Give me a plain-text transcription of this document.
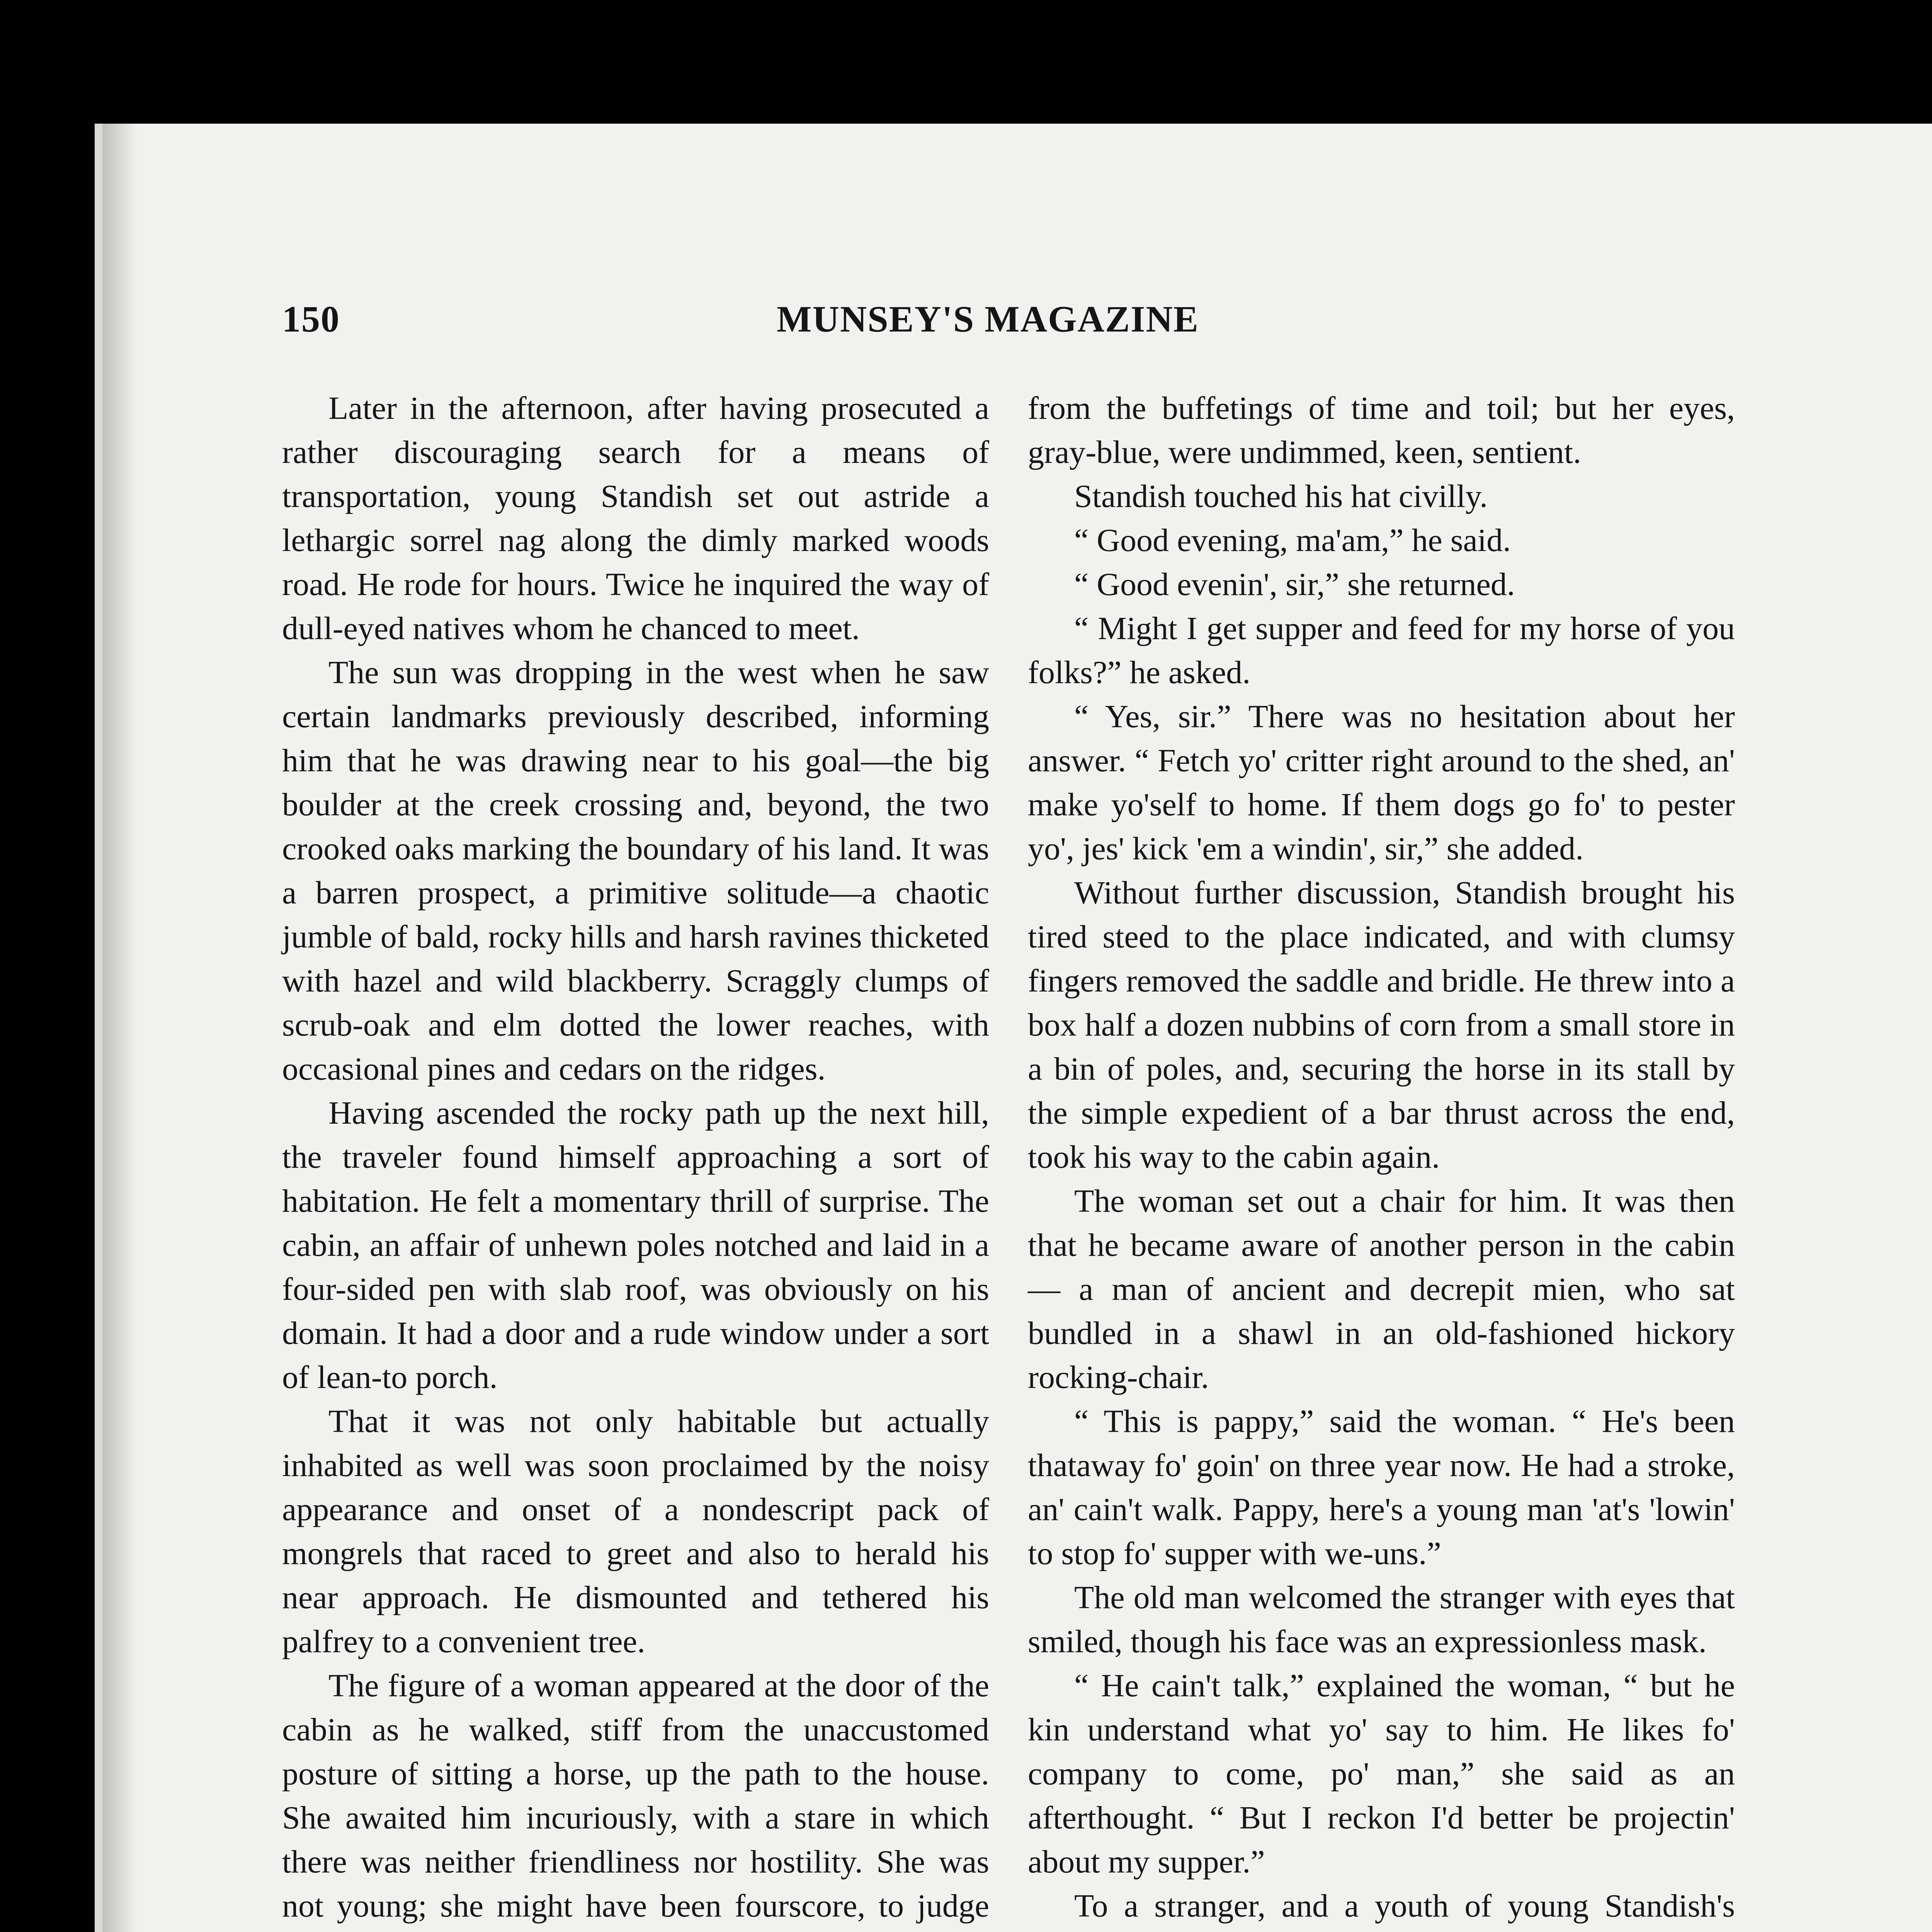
150	MUNSEY'S MAGAZINE

Later in the afternoon, after having prosecuted a rather discouraging search for a means of transportation, young Standish set out astride a lethargic sorrel nag along the dimly marked woods road. He rode for hours. Twice he inquired the way of dull-eyed natives whom he chanced to meet.

The sun was dropping in the west when he saw certain landmarks previously described, informing him that he was drawing near to his goal—the big boulder at the creek crossing and, beyond, the two crooked oaks marking the boundary of his land. It was a barren prospect, a primitive solitude—a chaotic jumble of bald, rocky hills and harsh ravines thicketed with hazel and wild blackberry. Scraggly clumps of scrub-oak and elm dotted the lower reaches, with occasional pines and cedars on the ridges.

Having ascended the rocky path up the next hill, the traveler found himself approaching a sort of habitation. He felt a momentary thrill of surprise. The cabin, an affair of unhewn poles notched and laid in a four-sided pen with slab roof, was obviously on his domain. It had a door and a rude window under a sort of lean-to porch.

That it was not only habitable but actually inhabited as well was soon proclaimed by the noisy appearance and onset of a nondescript pack of mongrels that raced to greet and also to herald his near approach. He dismounted and tethered his palfrey to a convenient tree.

The figure of a woman appeared at the door of the cabin as he walked, stiff from the unaccustomed posture of sitting a horse, up the path to the house. She awaited him incuriously, with a stare in which there was neither friendliness nor hostility. She was not young; she might have been fourscore, to judge

from the buffetings of time and toil; but her eyes, gray-blue, were undimmed, keen, sentient.

Standish touched his hat civilly.

“ Good evening, ma'am,” he said.

“ Good evenin', sir,” she returned.

“ Might I get supper and feed for my horse of you folks?” he asked.

“ Yes, sir.” There was no hesitation about her answer. “ Fetch yo' critter right around to the shed, an' make yo'self to home. If them dogs go fo' to pester yo', jes' kick 'em a windin', sir,” she added.

Without further discussion, Standish brought his tired steed to the place indicated, and with clumsy fingers removed the saddle and bridle. He threw into a box half a dozen nubbins of corn from a small store in a bin of poles, and, securing the horse in its stall by the simple expedient of a bar thrust across the end, took his way to the cabin again.

The woman set out a chair for him. It was then that he became aware of another person in the cabin — a man of ancient and decrepit mien, who sat bundled in a shawl in an old-fashioned hickory rocking-chair.

“ This is pappy,” said the woman. “ He's been thataway fo' goin' on three year now. He had a stroke, an' cain't walk. Pappy, here's a young man 'at's 'lowin' to stop fo' supper with we-uns.”

The old man welcomed the stranger with eyes that smiled, though his face was an expressionless mask.

“ He cain't talk,” explained the woman, “ but he kin understand what yo' say to him. He likes fo' company to come, po' man,” she said as an afterthought. “ But I reckon I'd better be projectin' about my supper.”

To a stranger, and a youth of young Standish's
